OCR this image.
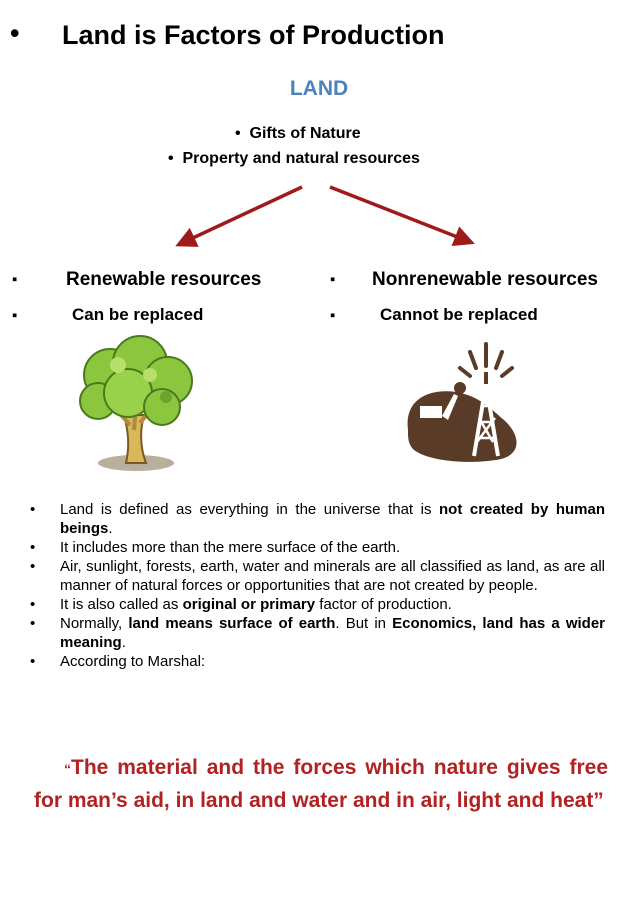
• Land is Factors of Production
LAND
• Gifts of Nature
• Property and natural resources
▪	Renewable resources
▪	Can be replaced
▪ Nonrenewable resources
▪	Cannot be replaced
• Land is defined as everything in the universe that is not created by human beings.
• It includes more than the mere surface of the earth.
• Air, sunlight, forests, earth, water and minerals are all classified as land, as are all manner of natural forces or opportunities that are not created by people.
• It is also called as original or primary factor of production.
• Normally, land means surface of earth. But in Economics, land has a wider meaning.
• According to Marshal:
“The material and the forces which nature gives free
for man’s aid, in land and water and in air, light and heat”
